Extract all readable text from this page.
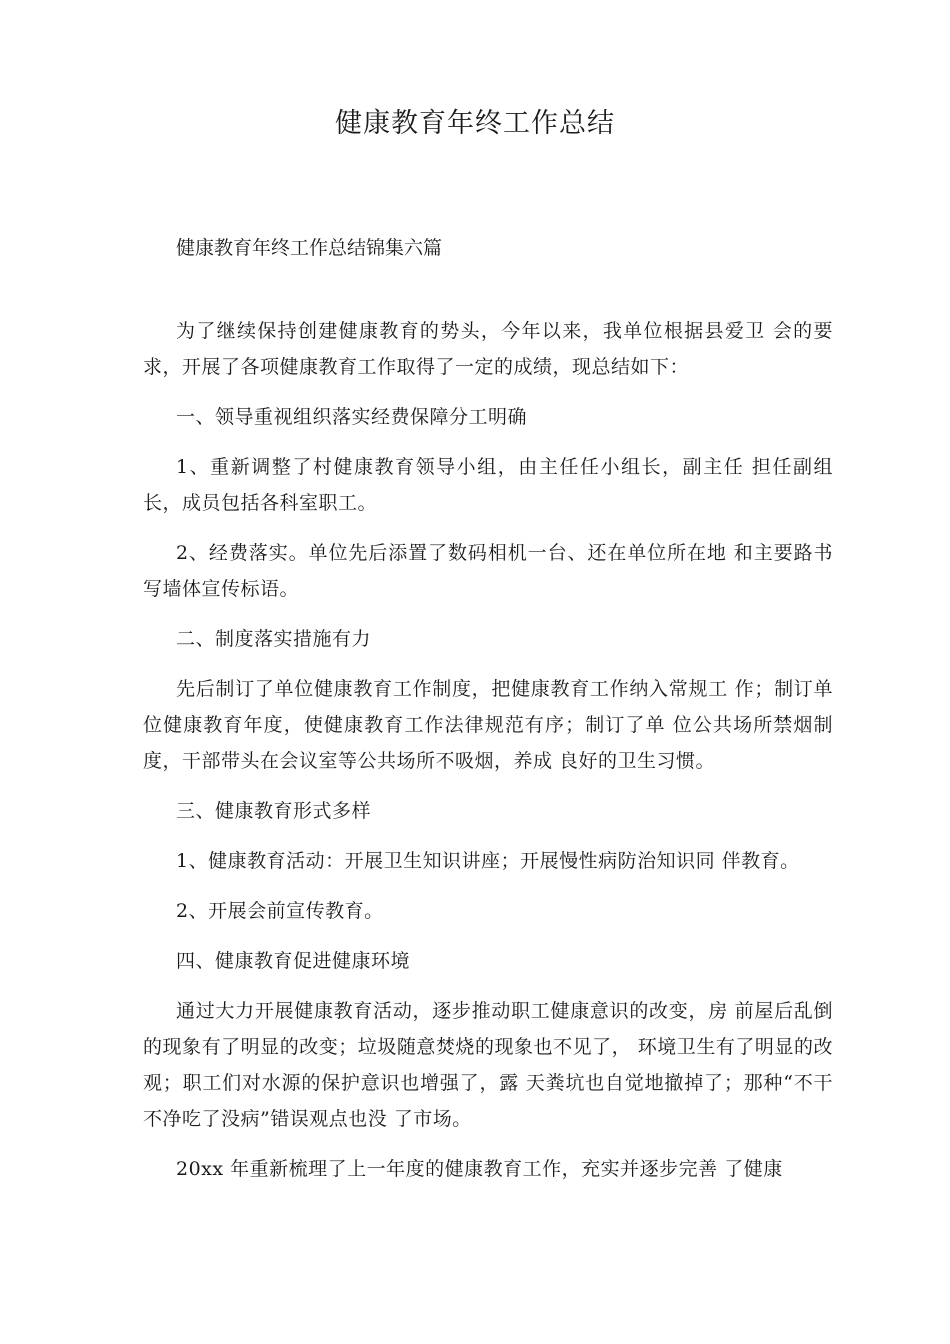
健康教育年终工作总结
健康教育年终工作总结锦集六篇

为了继续保持创建健康教育的势头，今年以来，我单位根据县爱卫 会的要求，开展了各项健康教育工作取得了一定的成绩，现总结如下：

一、领导重视组织落实经费保障分工明确

1、重新调整了村健康教育领导小组，由主任任小组长，副主任 担任副组长，成员包括各科室职工。

2、经费落实。单位先后添置了数码相机一台、还在单位所在地 和主要路书写墙体宣传标语。

二、制度落实措施有力

先后制订了单位健康教育工作制度，把健康教育工作纳入常规工 作；制订单位健康教育年度，使健康教育工作法律规范有序；制订了单 位公共场所禁烟制度，干部带头在会议室等公共场所不吸烟，养成 良好的卫生习惯。

三、健康教育形式多样

1、健康教育活动：开展卫生知识讲座；开展慢性病防治知识同 伴教育。

2、开展会前宣传教育。

四、健康教育促进健康环境

通过大力开展健康教育活动，逐步推动职工健康意识的改变，房 前屋后乱倒的现象有了明显的改变；垃圾随意焚烧的现象也不见了， 环境卫生有了明显的改观；职工们对水源的保护意识也增强了，露 天粪坑也自觉地撤掉了；那种“不干不净吃了没病”错误观点也没 了市场。

20xx 年重新梳理了上一年度的健康教育工作，充实并逐步完善 了健康
